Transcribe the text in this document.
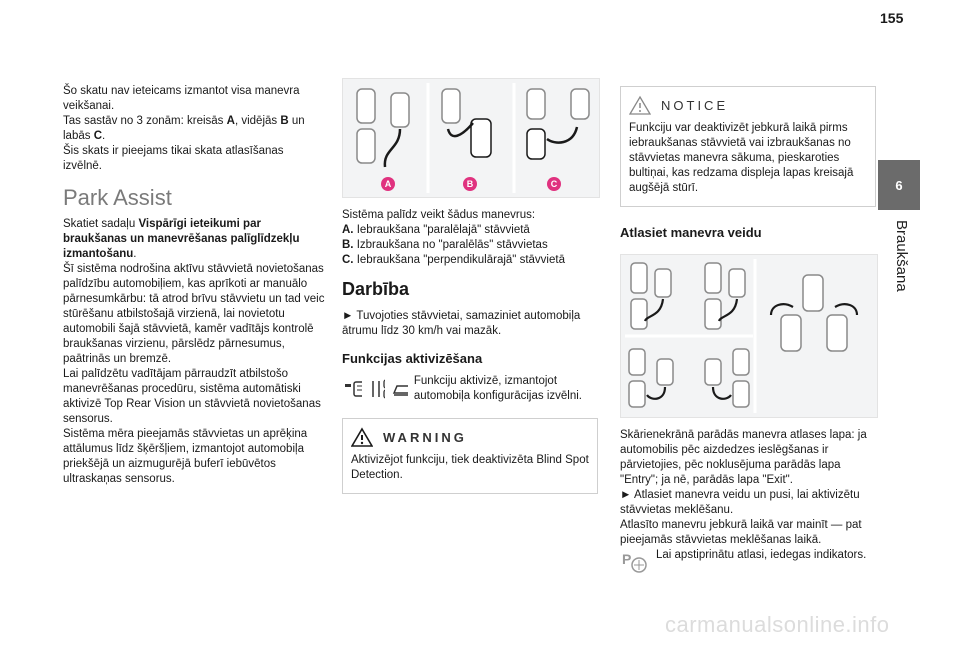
155
6
Braukšana

Šo skatu nav ieteicams izmantot visa manevra veikšanai.
Tas sastāv no 3 zonām: kreisās A, vidējās B un labās C.
Šis skats ir pieejams tikai skata atlasīšanas izvēlnē.

Park Assist

Skatiet sadaļu Vispārīgi ieteikumi par braukšanas un manevrēšanas palīglīdzekļu izmantošanu.

Šī sistēma nodrošina aktīvu stāvvietā novietošanas palīdzību automobiļiem, kas aprīkoti ar manuālo pārnesumkārbu: tā atrod brīvu stāvvietu un tad veic stūrēšanu atbilstošajā virzienā, lai novietotu automobili šajā stāvvietā, kamēr vadītājs kontrolē braukšanas virzienu, pārslēdz pārnesumus, paātrinās un bremzē.

Lai palīdzētu vadītājam pārraudzīt atbilstošo manevrēšanas procedūru, sistēma automātiski aktivizē Top Rear Vision un stāvvietā novietošanas sensorus.

Sistēma mēra pieejamās stāvvietas un aprēķina attālumus līdz šķēršļiem, izmantojot automobiļa priekšējā un aizmugurējā buferī iebūvētos ultraskaņas sensorus.

A	B	C

Sistēma palīdz veikt šādus manevrus:

A. Iebraukšana "paralēlajā" stāvvietā

B. Izbraukšana no "paralēlās" stāvvietas

C. Iebraukšana "perpendikulārajā" stāvvietā

Darbība

► Tuvojoties stāvvietai, samaziniet automobiļa ātrumu līdz 30 km/h vai mazāk.

Funkcijas aktivizēšana
Funkciju aktivizē, izmantojot automobiļa konfigurācijas izvēlni.
WARNING

Aktivizējot funkciju, tiek deaktivizēta Blind Spot Detection.

NOTICE

Funkciju var deaktivizēt jebkurā laikā pirms iebraukšanas stāvvietā vai izbraukšanas no stāvvietas manevra sākuma, pieskaroties bultiņai, kas redzama displeja lapas kreisajā augšējā stūrī.

Atlasiet manevra veidu

Skārienekrānā parādās manevra atlases lapa: ja automobilis pēc aizdedzes ieslēgšanas ir pārvietojies, pēc noklusējuma parādās lapa "Entry"; ja nē, parādās lapa "Exit".

► Atlasiet manevra veidu un pusi, lai aktivizētu stāvvietas meklēšanu.

Atlasīto manevru jebkurā laikā var mainīt — pat pieejamās stāvvietas meklēšanas laikā.

P Lai apstiprinātu atlasi, iedegas indikators.

carmanualsonline.info
